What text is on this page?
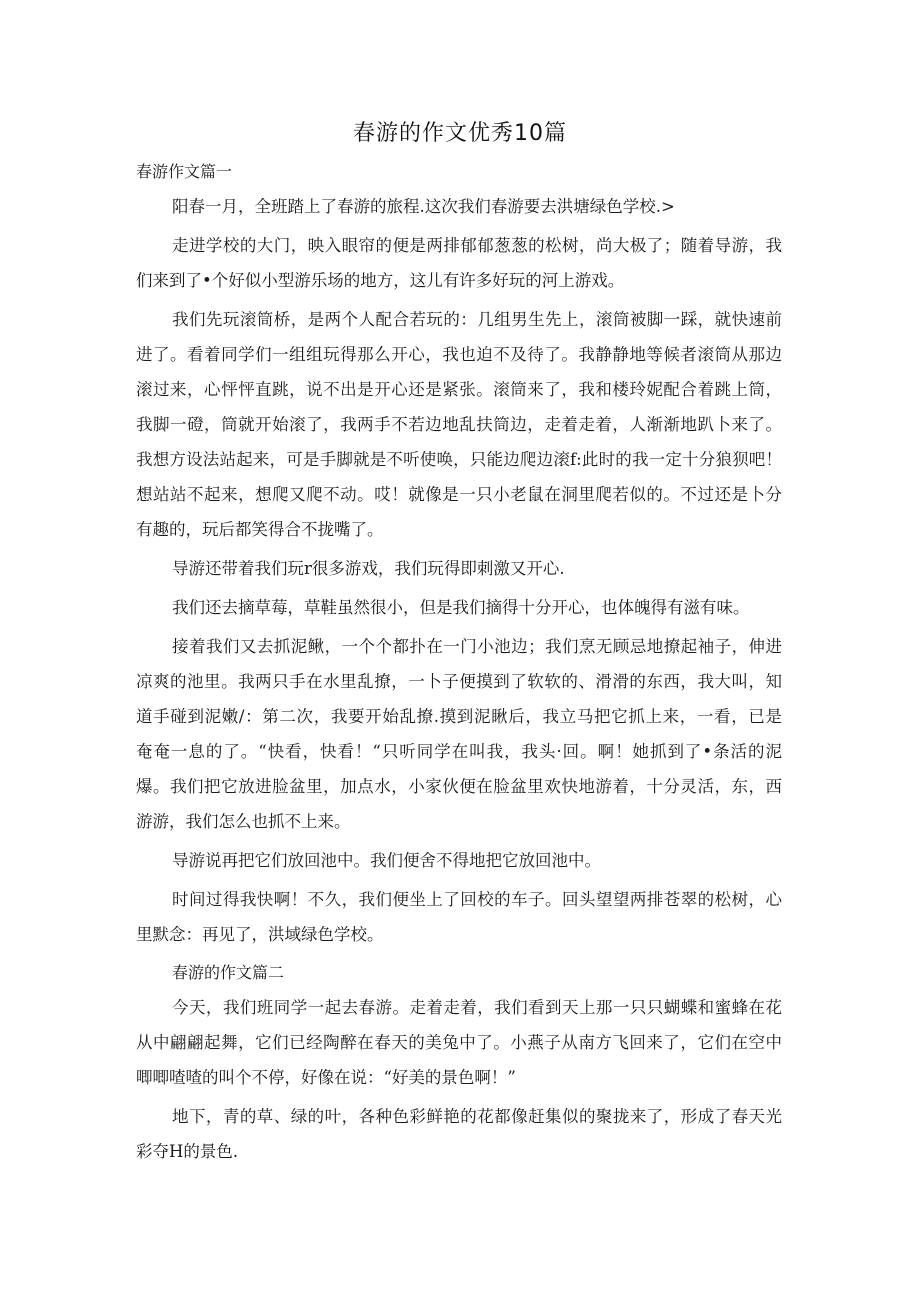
春游的作文优秀10篇
春游作文篇一
阳春一月，全班踏上了春游的旅程.这次我们春游要去洪塘绿色学校.>
走进学校的大门，映入眼帘的便是两排郁郁葱葱的松树，尚大极了；随着导游，我
们来到了•个好似小型游乐场的地方，这儿有许多好玩的河上游戏。
我们先玩滚筒桥，是两个人配合若玩的：几组男生先上，滚筒被脚一踩，就快速前
进了。看着同学们一组组玩得那么开心，我也迫不及待了。我静静地等候者滚筒从那边
滚过来，心怦怦直跳，说不出是开心还是紧张。滚筒来了，我和楼玲妮配合着跳上筒，
我脚一磴，筒就开始滚了，我两手不若边地乱扶筒边，走着走着，人渐渐地趴卜来了。
我想方设法站起来，可是手脚就是不听使唤，只能边爬边滚f:此时的我一定十分狼狈吧！
想站站不起来，想爬又爬不动。哎！就像是一只小老鼠在洞里爬若似的。不过还是卜分
有趣的，玩后都笑得合不拢嘴了。
导游还带着我们玩r很多游戏，我们玩得即刺激又开心.
我们还去摘草莓，草鞋虽然很小，但是我们摘得十分开心，也体魄得有滋有味。
接着我们又去抓泥鳅，一个个都扑在一门小池边；我们烹无顾忌地撩起袖子，伸进
凉爽的池里。我两只手在水里乱撩，一卜子便摸到了软软的、滑滑的东西，我大叫，知
道手碰到泥嫩/：第二次，我要开始乱撩.摸到泥瞅后，我立马把它抓上来，一看，已是
奄奄一息的了。“快看，快看！“只听同学在叫我，我头·回。啊！她抓到了•条活的泥
爆。我们把它放进脸盆里，加点水，小家伙便在脸盆里欢快地游着，十分灵活，东，西
游游，我们怎么也抓不上来。
导游说再把它们放回池中。我们便舍不得地把它放回池中。
时间过得我快啊！不久，我们便坐上了回校的车子。回头望望两排苍翠的松树，心
里默念：再见了，洪域绿色学校。
春游的作文篇二
今天，我们班同学一起去春游。走着走着，我们看到天上那一只只蝴蝶和蜜蜂在花
从中翩翩起舞，它们已经陶醉在春天的美兔中了。小燕子从南方飞回来了，它们在空中
唧唧喳喳的叫个不停，好像在说：“好美的景色啊！”
地下，青的草、绿的叶，各种色彩鲜艳的花都像赶集似的聚拢来了，形成了春天光
彩夺H的景色.
